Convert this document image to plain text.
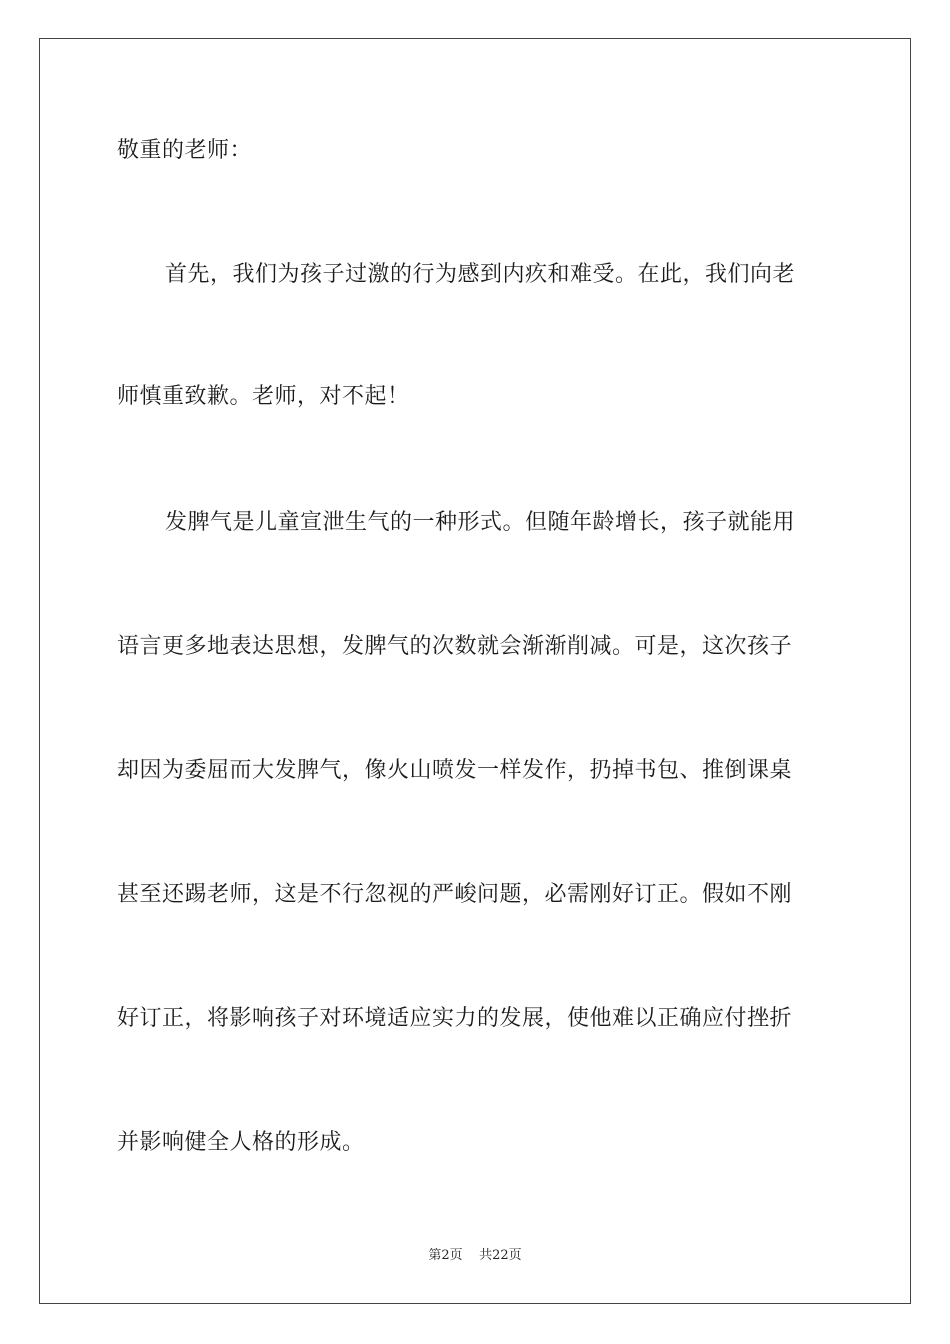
敬重的老师：
首先，我们为孩子过激的行为感到内疚和难受。在此，我们向老
师慎重致歉。老师，对不起！
发脾气是儿童宣泄生气的一种形式。但随年龄增长，孩子就能用
语言更多地表达思想，发脾气的次数就会渐渐削减。可是，这次孩子
却因为委屈而大发脾气，像火山喷发一样发作，扔掉书包、推倒课桌
甚至还踢老师，这是不行忽视的严峻问题，必需刚好订正。假如不刚
好订正，将影响孩子对环境适应实力的发展，使他难以正确应付挫折
并影响健全人格的形成。
第2页 共22页
